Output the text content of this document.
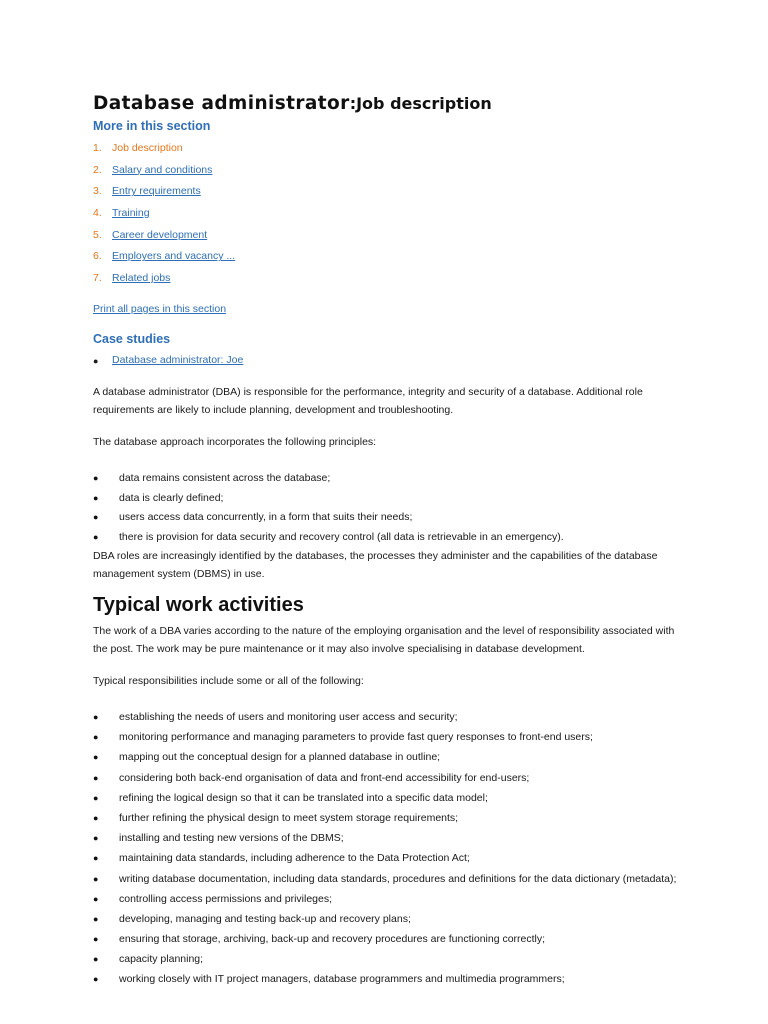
Database administrator:Job description
More in this section
1. Job description
2. Salary and conditions
3. Entry requirements
4. Training
5. Career development
6. Employers and vacancy ...
7. Related jobs
Print all pages in this section
Case studies
●	Database administrator: Joe

A database administrator (DBA) is responsible for the performance, integrity and security of a database. Additional role requirements are likely to include planning, development and troubleshooting.

The database approach incorporates the following principles:

●	data remains consistent across the database;
●	data is clearly defined;
●	users access data concurrently, in a form that suits their needs;
●	there is provision for data security and recovery control (all data is retrievable in an emergency).

DBA roles are increasingly identified by the databases, the processes they administer and the capabilities of the database management system (DBMS) in use.

Typical work activities

The work of a DBA varies according to the nature of the employing organisation and the level of responsibility associated with the post. The work may be pure maintenance or it may also involve specialising in database development.

Typical responsibilities include some or all of the following:

●	establishing the needs of users and monitoring user access and security;
●	monitoring performance and managing parameters to provide fast query responses to front-end users;
●	mapping out the conceptual design for a planned database in outline;
●	considering both back-end organisation of data and front-end accessibility for end-users;
●	refining the logical design so that it can be translated into a specific data model;
●	further refining the physical design to meet system storage requirements;
●	installing and testing new versions of the DBMS;
●	maintaining data standards, including adherence to the Data Protection Act;
●	writing database documentation, including data standards, procedures and definitions for the data dictionary (metadata);
●	controlling access permissions and privileges;
●	developing, managing and testing back-up and recovery plans;
●	ensuring that storage, archiving, back-up and recovery procedures are functioning correctly;
●	capacity planning;
●	working closely with IT project managers, database programmers and multimedia programmers;
